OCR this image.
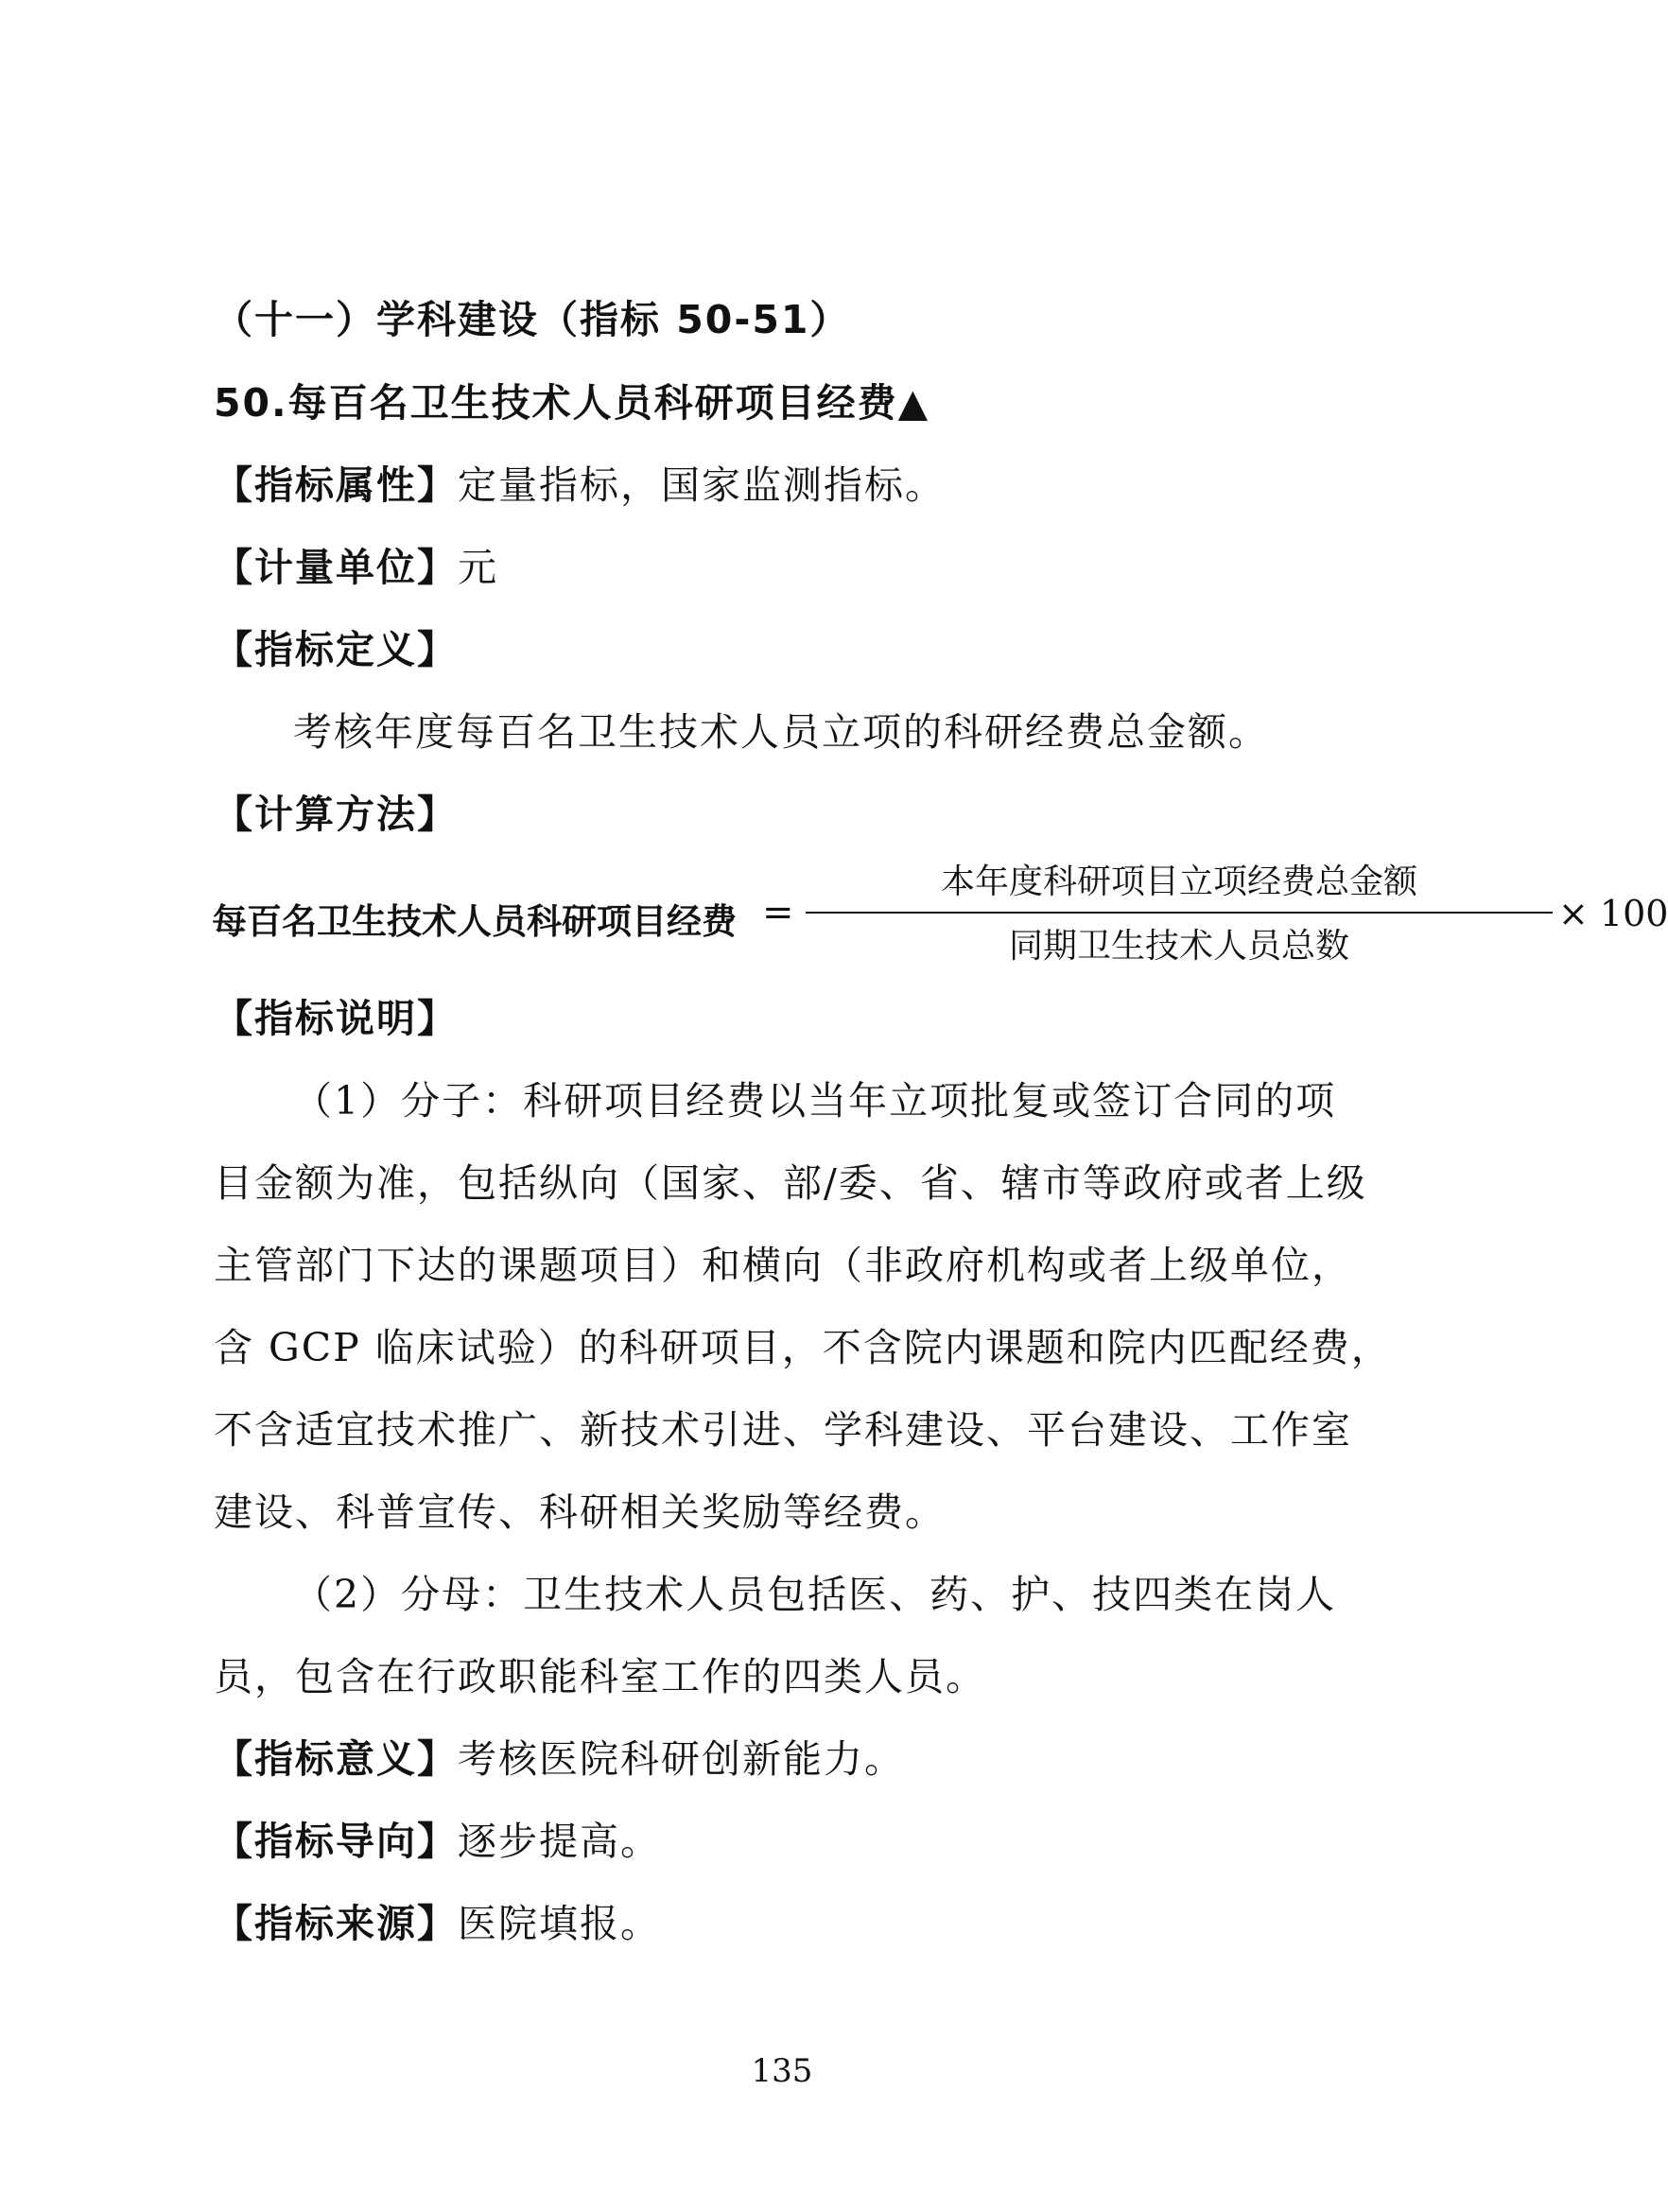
（十一）学科建设（指标 50-51）
50.每百名卫生技术人员科研项目经费▲
【指标属性】定量指标，国家监测指标。
【计量单位】元
【指标定义】
考核年度每百名卫生技术人员立项的科研经费总金额。
【计算方法】
每百名卫生技术人员科研项目经费 =
本年度科研项目立项经费总金额
同期卫生技术人员总数
× 100
【指标说明】
（1）分子：科研项目经费以当年立项批复或签订合同的项
目金额为准，包括纵向（国家、部/委、省、辖市等政府或者上级
主管部门下达的课题项目）和横向（非政府机构或者上级单位，
含 GCP 临床试验）的科研项目，不含院内课题和院内匹配经费，
不含适宜技术推广、新技术引进、学科建设、平台建设、工作室
建设、科普宣传、科研相关奖励等经费。
（2）分母：卫生技术人员包括医、药、护、技四类在岗人
员，包含在行政职能科室工作的四类人员。
【指标意义】考核医院科研创新能力。
【指标导向】逐步提高。
【指标来源】医院填报。
135
